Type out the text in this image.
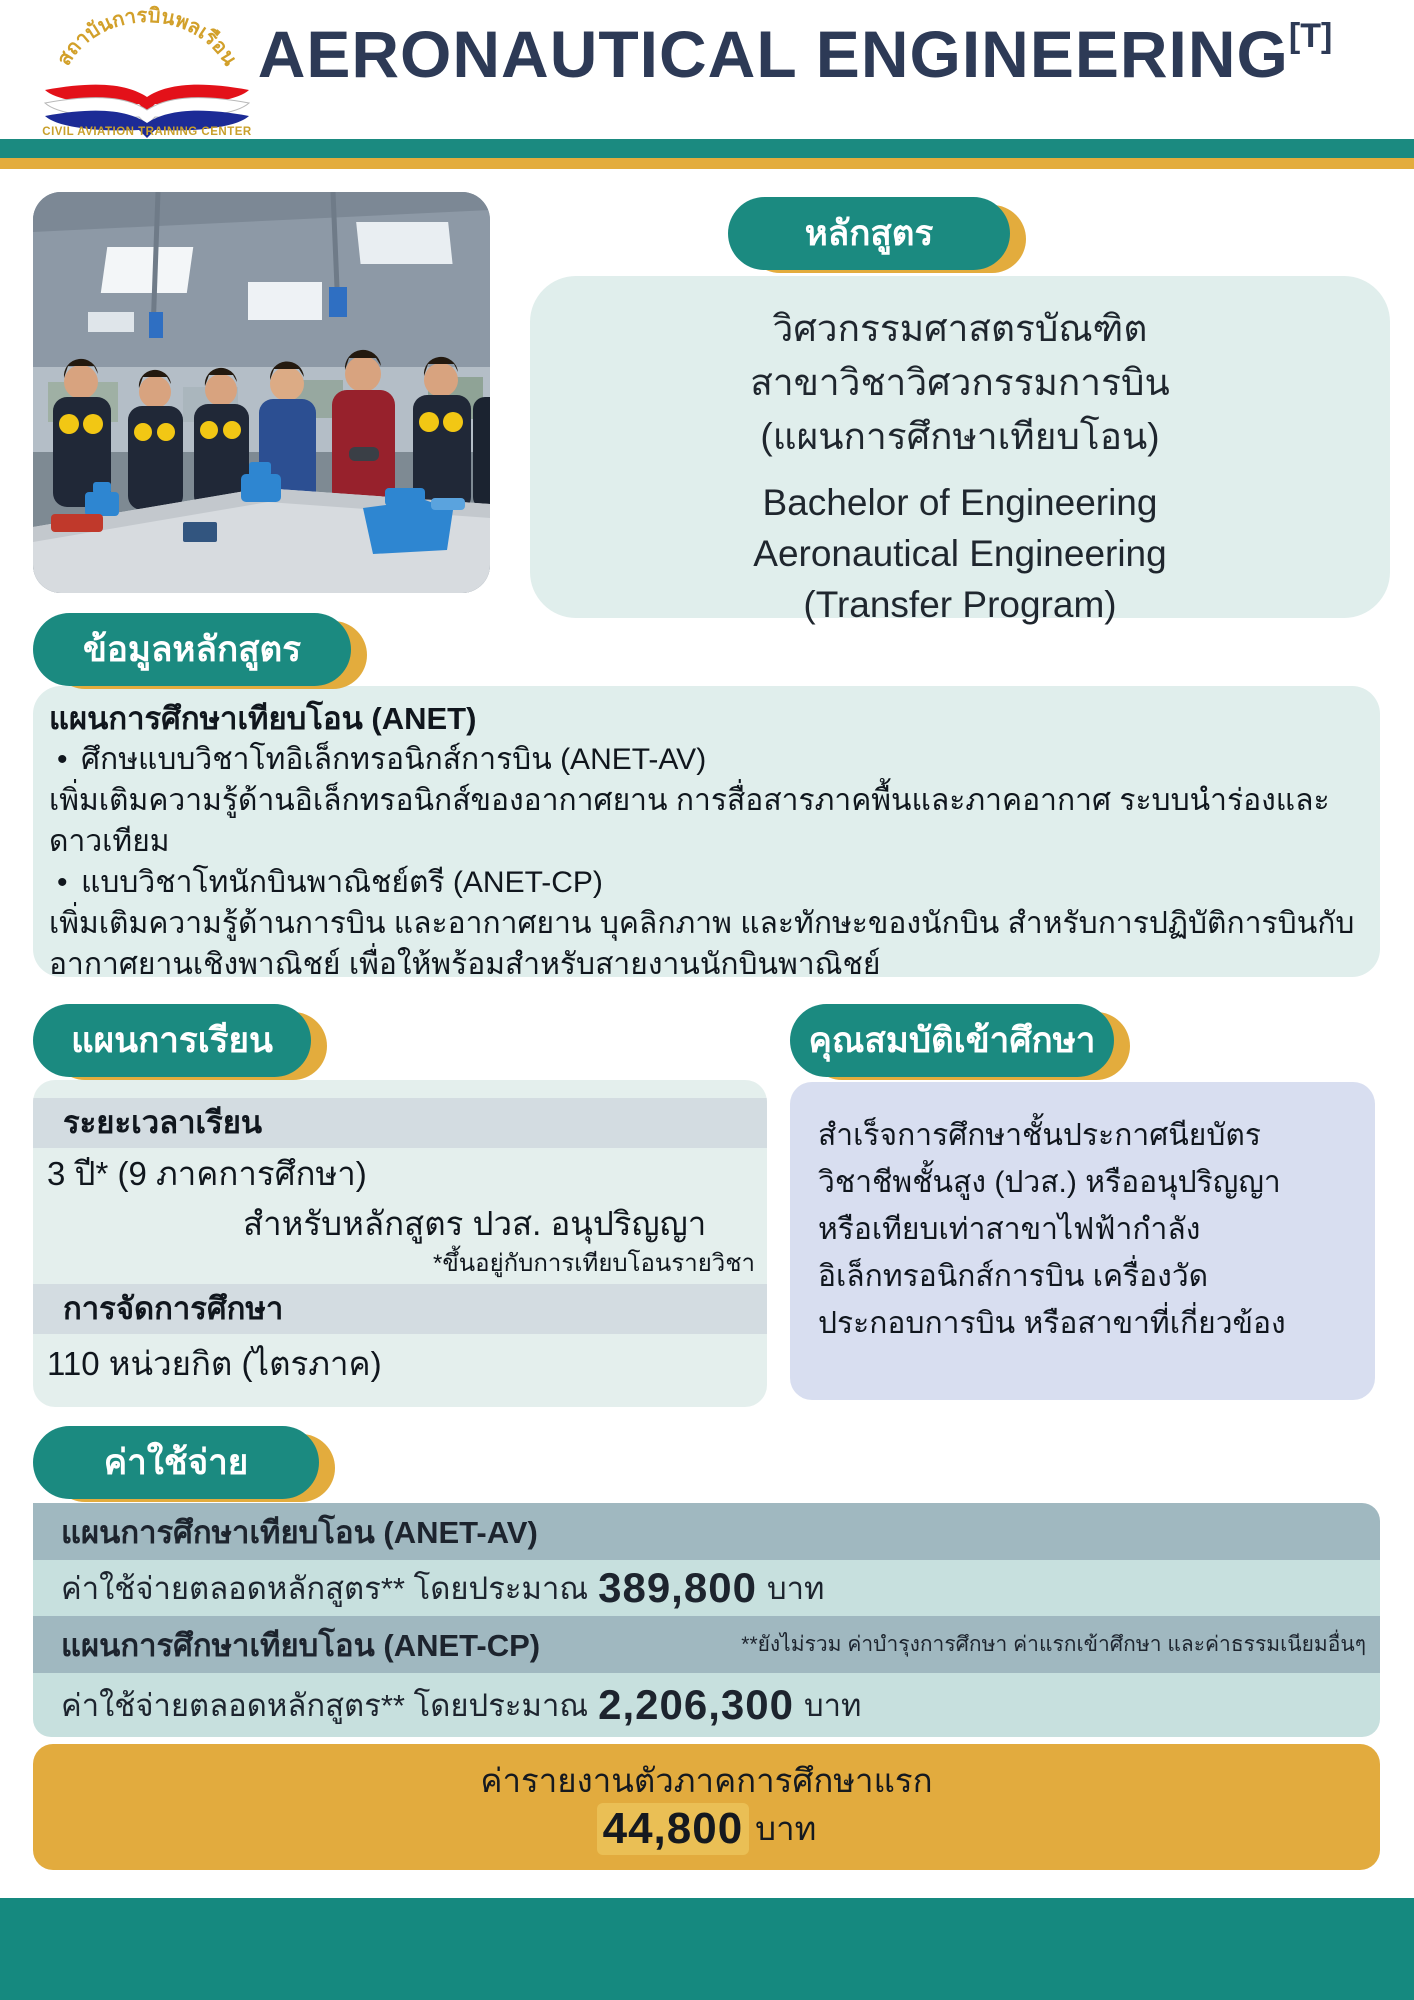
สถาบันการบินพลเรือน
CIVIL AVIATION TRAINING CENTER
AERONAUTICAL ENGINEERING[T]
หลักสูตร
วิศวกรรมศาสตรบัณฑิต
สาขาวิชาวิศวกรรมการบิน
(แผนการศึกษาเทียบโอน)
Bachelor of Engineering
Aeronautical Engineering
(Transfer Program)
ข้อมูลหลักสูตร
แผนการศึกษาเทียบโอน (ANET)
• ศึกษแบบวิชาโทอิเล็กทรอนิกส์การบิน (ANET-AV)
เพิ่มเติมความรู้ด้านอิเล็กทรอนิกส์ของอากาศยาน การสื่อสารภาคพื้นและภาคอากาศ ระบบนำร่องและ
ดาวเทียม
• แบบวิชาโทนักบินพาณิชย์ตรี (ANET-CP)
เพิ่มเติมความรู้ด้านการบิน และอากาศยาน บุคลิกภาพ และทักษะของนักบิน สำหรับการปฏิบัติการบินกับ
อากาศยานเชิงพาณิชย์ เพื่อให้พร้อมสำหรับสายงานนักบินพาณิชย์
แผนการเรียน
ระยะเวลาเรียน
3 ปี* (9 ภาคการศึกษา)
สำหรับหลักสูตร ปวส. อนุปริญญา
*ขึ้นอยู่กับการเทียบโอนรายวิชา
การจัดการศึกษา
110 หน่วยกิต (ไตรภาค)
คุณสมบัติเข้าศึกษา
สำเร็จการศึกษาชั้นประกาศนียบัตร
วิชาชีพชั้นสูง (ปวส.) หรืออนุปริญญา
หรือเทียบเท่าสาขาไฟฟ้ากำลัง
อิเล็กทรอนิกส์การบิน เครื่องวัด
ประกอบการบิน หรือสาขาที่เกี่ยวข้อง
ค่าใช้จ่าย
แผนการศึกษาเทียบโอน (ANET-AV)
ค่าใช้จ่ายตลอดหลักสูตร** โดยประมาณ 389,800 บาท
แผนการศึกษาเทียบโอน (ANET-CP)	**ยังไม่รวม ค่าบำรุงการศึกษา ค่าแรกเข้าศึกษา และค่าธรรมเนียมอื่นๆ
ค่าใช้จ่ายตลอดหลักสูตร** โดยประมาณ 2,206,300 บาท
ค่ารายงานตัวภาคการศึกษาแรก
44,800 บาท
